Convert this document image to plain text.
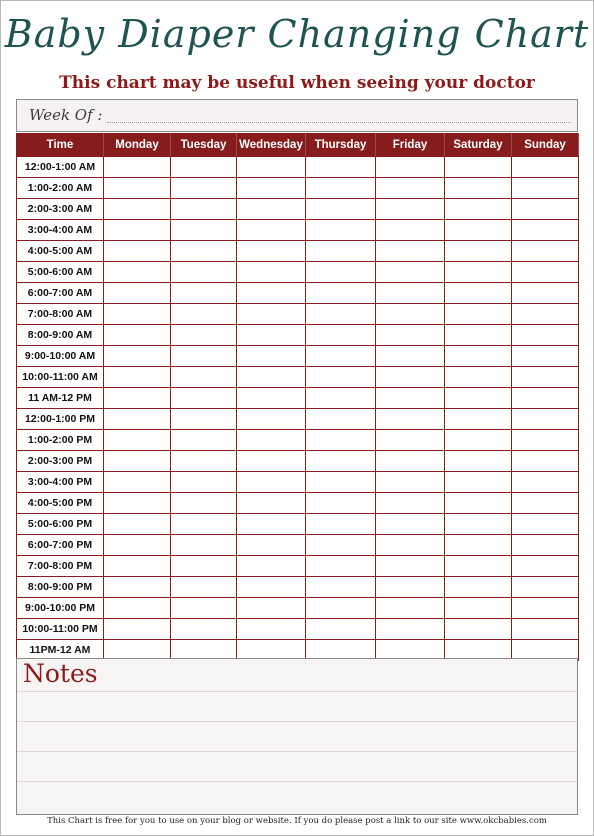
Baby Diaper Changing Chart
This chart may be useful when seeing your doctor
Week Of :
Time	Monday	Tuesday	Wednesday	Thursday	Friday	Saturday	Sunday
12:00-1:00 AM							
1:00-2:00 AM							
2:00-3:00 AM							
3:00-4:00 AM							
4:00-5:00 AM							
5:00-6:00 AM							
6:00-7:00 AM							
7:00-8:00 AM							
8:00-9:00 AM							
9:00-10:00 AM							
10:00-11:00 AM							
11 AM-12 PM							
12:00-1:00 PM							
1:00-2:00 PM							
2:00-3:00 PM							
3:00-4:00 PM							
4:00-5:00 PM							
5:00-6:00 PM							
6:00-7:00 PM							
7:00-8:00 PM							
8:00-9:00 PM							
9:00-10:00 PM							
10:00-11:00 PM							
11PM-12 AM							
Notes
This Chart is free for you to use on your blog or website. If you do please post a link to our site www.okcbabies.com
